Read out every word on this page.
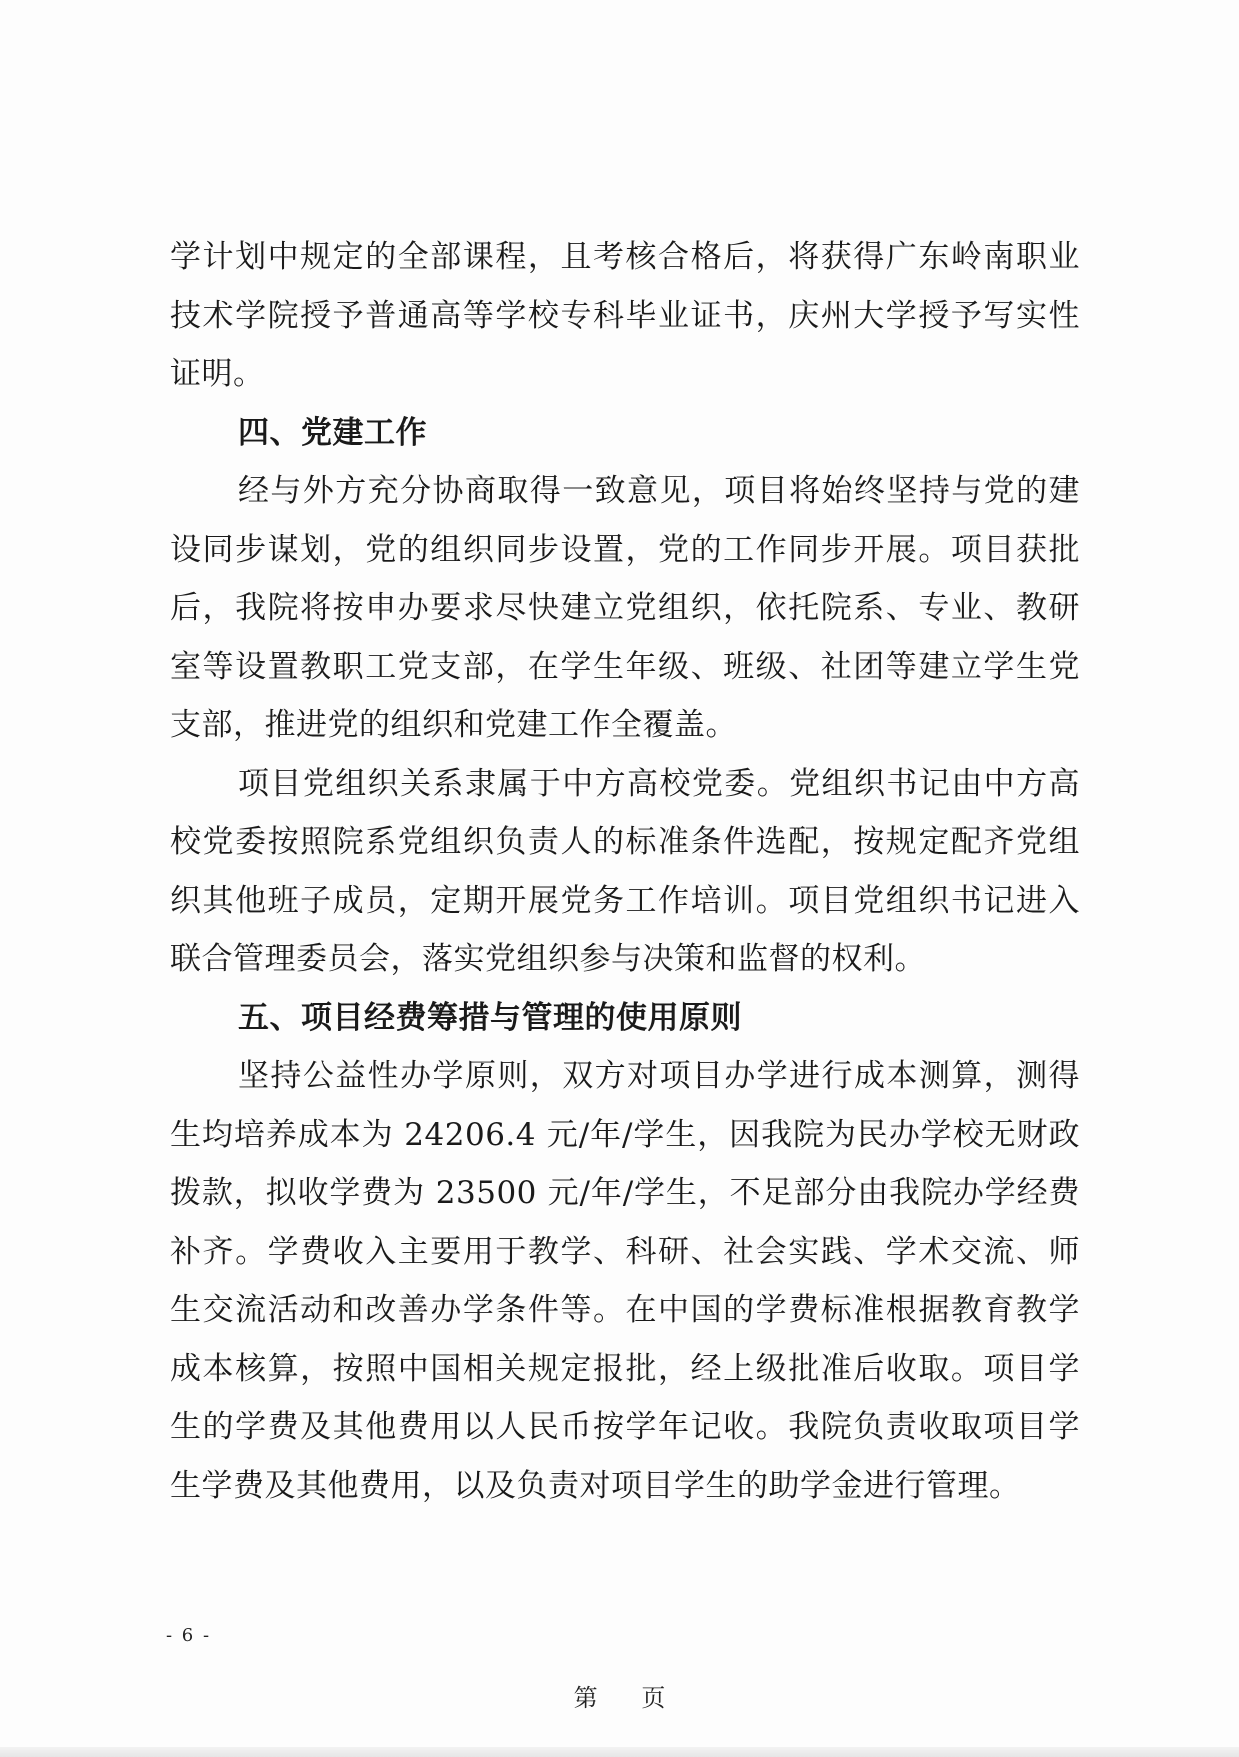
学计划中规定的全部课程，且考核合格后，将获得广东岭南职业
技术学院授予普通高等学校专科毕业证书，庆州大学授予写实性
证明。
四、党建工作
经与外方充分协商取得一致意见，项目将始终坚持与党的建
设同步谋划，党的组织同步设置，党的工作同步开展。项目获批
后，我院将按申办要求尽快建立党组织，依托院系、专业、教研
室等设置教职工党支部，在学生年级、班级、社团等建立学生党
支部，推进党的组织和党建工作全覆盖。
项目党组织关系隶属于中方高校党委。党组织书记由中方高
校党委按照院系党组织负责人的标准条件选配，按规定配齐党组
织其他班子成员，定期开展党务工作培训。项目党组织书记进入
联合管理委员会，落实党组织参与决策和监督的权利。
五、项目经费筹措与管理的使用原则
坚持公益性办学原则，双方对项目办学进行成本测算，测得
生均培养成本为 24206.4 元/年/学生，因我院为民办学校无财政
拨款，拟收学费为 23500 元/年/学生，不足部分由我院办学经费
补齐。学费收入主要用于教学、科研、社会实践、学术交流、师
生交流活动和改善办学条件等。在中国的学费标准根据教育教学
成本核算，按照中国相关规定报批，经上级批准后收取。项目学
生的学费及其他费用以人民币按学年记收。我院负责收取项目学
生学费及其他费用，以及负责对项目学生的助学金进行管理。
- 6 -
第 页
